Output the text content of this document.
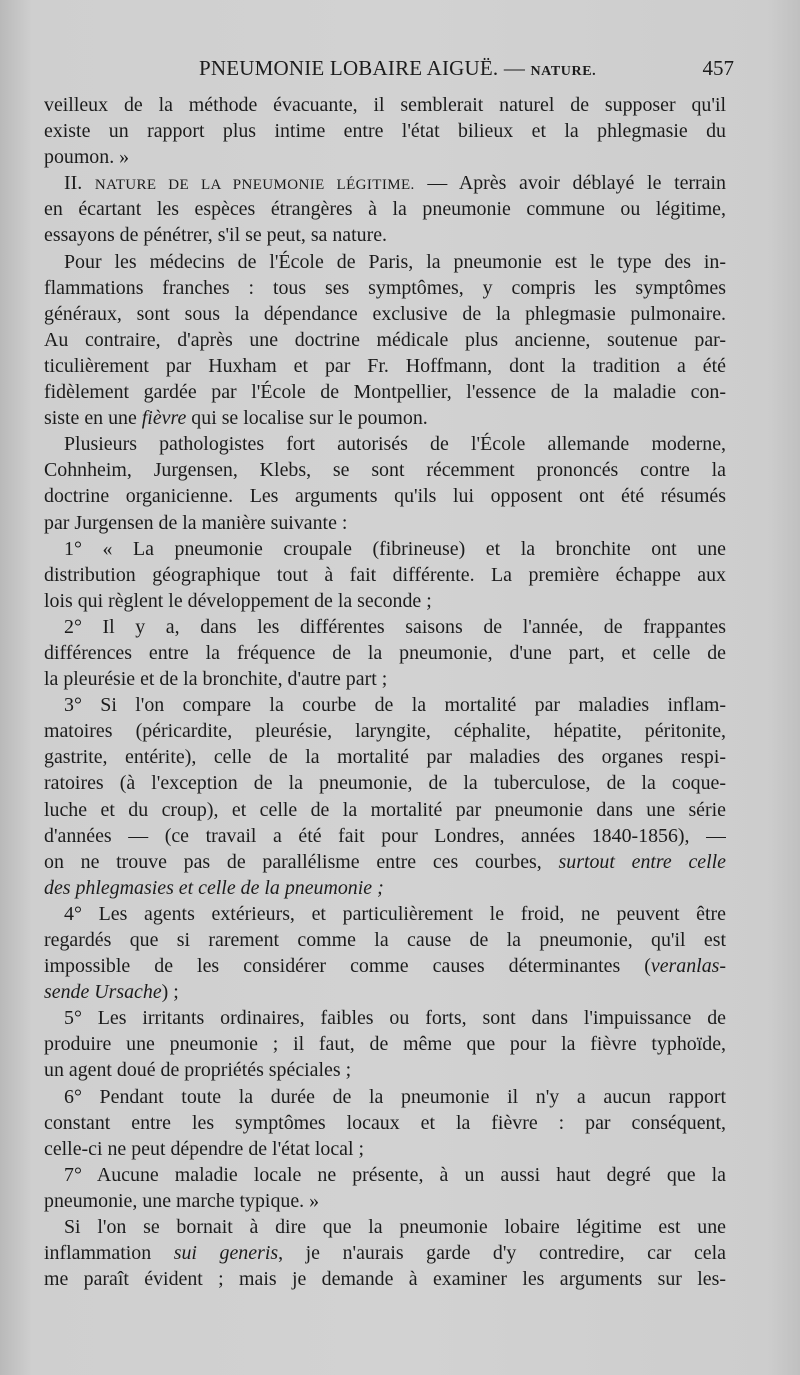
PNEUMONIE LOBAIRE AIGUË. — NATURE.	457
veilleux de la méthode évacuante, il semblerait naturel de supposer qu'il
existe un rapport plus intime entre l'état bilieux et la phlegmasie du
poumon. »
II. NATURE DE LA PNEUMONIE LÉGITIME. — Après avoir déblayé le terrain
en écartant les espèces étrangères à la pneumonie commune ou légitime,
essayons de pénétrer, s'il se peut, sa nature.
Pour les médecins de l'École de Paris, la pneumonie est le type des in-
flammations franches : tous ses symptômes, y compris les symptômes
généraux, sont sous la dépendance exclusive de la phlegmasie pulmonaire.
Au contraire, d'après une doctrine médicale plus ancienne, soutenue par-
ticulièrement par Huxham et par Fr. Hoffmann, dont la tradition a été
fidèlement gardée par l'École de Montpellier, l'essence de la maladie con-
siste en une fièvre qui se localise sur le poumon.
Plusieurs pathologistes fort autorisés de l'École allemande moderne,
Cohnheim, Jurgensen, Klebs, se sont récemment prononcés contre la
doctrine organicienne. Les arguments qu'ils lui opposent ont été résumés
par Jurgensen de la manière suivante :
1° « La pneumonie croupale (fibrineuse) et la bronchite ont une
distribution géographique tout à fait différente. La première échappe aux
lois qui règlent le développement de la seconde ;
2° Il y a, dans les différentes saisons de l'année, de frappantes
différences entre la fréquence de la pneumonie, d'une part, et celle de
la pleurésie et de la bronchite, d'autre part ;
3° Si l'on compare la courbe de la mortalité par maladies inflam-
matoires (péricardite, pleurésie, laryngite, céphalite, hépatite, péritonite,
gastrite, entérite), celle de la mortalité par maladies des organes respi-
ratoires (à l'exception de la pneumonie, de la tuberculose, de la coque-
luche et du croup), et celle de la mortalité par pneumonie dans une série
d'années — (ce travail a été fait pour Londres, années 1840-1856), —
on ne trouve pas de parallélisme entre ces courbes, surtout entre celle
des phlegmasies et celle de la pneumonie ;
4° Les agents extérieurs, et particulièrement le froid, ne peuvent être
regardés que si rarement comme la cause de la pneumonie, qu'il est
impossible de les considérer comme causes déterminantes (veranlas-
sende Ursache) ;
5° Les irritants ordinaires, faibles ou forts, sont dans l'impuissance de
produire une pneumonie ; il faut, de même que pour la fièvre typhoïde,
un agent doué de propriétés spéciales ;
6° Pendant toute la durée de la pneumonie il n'y a aucun rapport
constant entre les symptômes locaux et la fièvre : par conséquent,
celle-ci ne peut dépendre de l'état local ;
7° Aucune maladie locale ne présente, à un aussi haut degré que la
pneumonie, une marche typique. »
Si l'on se bornait à dire que la pneumonie lobaire légitime est une
inflammation sui generis, je n'aurais garde d'y contredire, car cela
me paraît évident ; mais je demande à examiner les arguments sur les-
